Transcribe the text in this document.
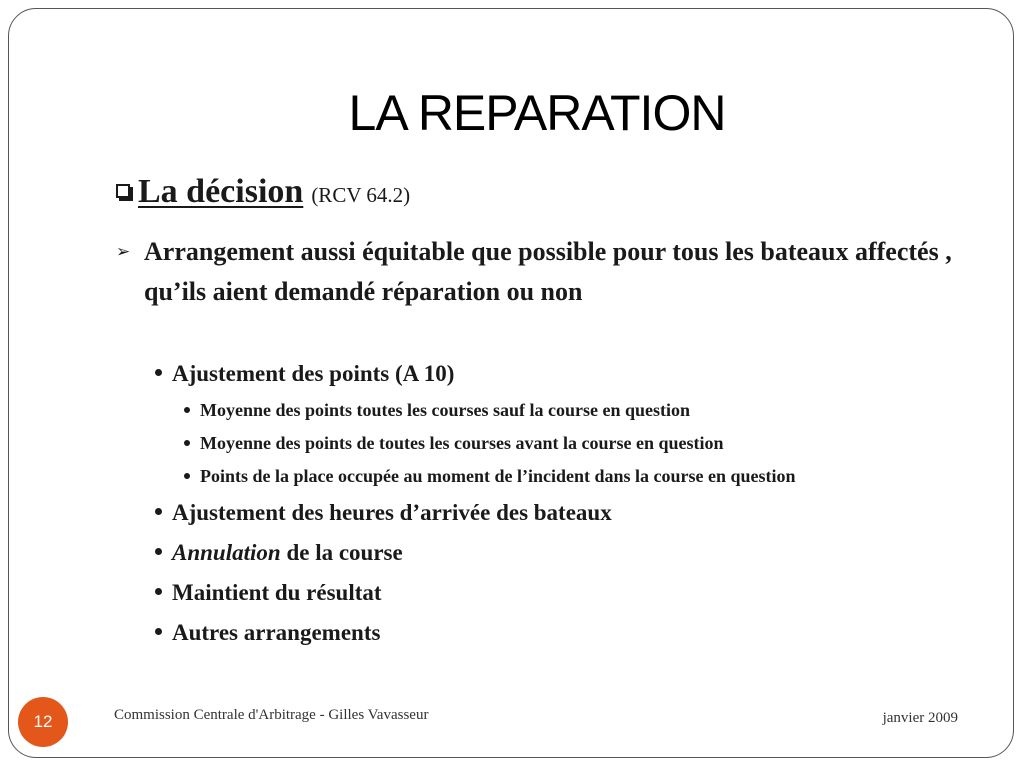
LA REPARATION
La décision (RCV 64.2)
➢ Arrangement aussi équitable que possible pour tous les bateaux affectés , qu’ils aient demandé réparation ou non
Ajustement des points (A 10)
Moyenne des points toutes les courses sauf la course en question
Moyenne des points de toutes les courses avant la course en question
Points de la place occupée au moment de l’incident dans la course en question
Ajustement des heures d’arrivée des bateaux
Annulation de la course
Maintient du résultat
Autres arrangements
Commission Centrale d'Arbitrage - Gilles Vavasseur	janvier 2009
12
